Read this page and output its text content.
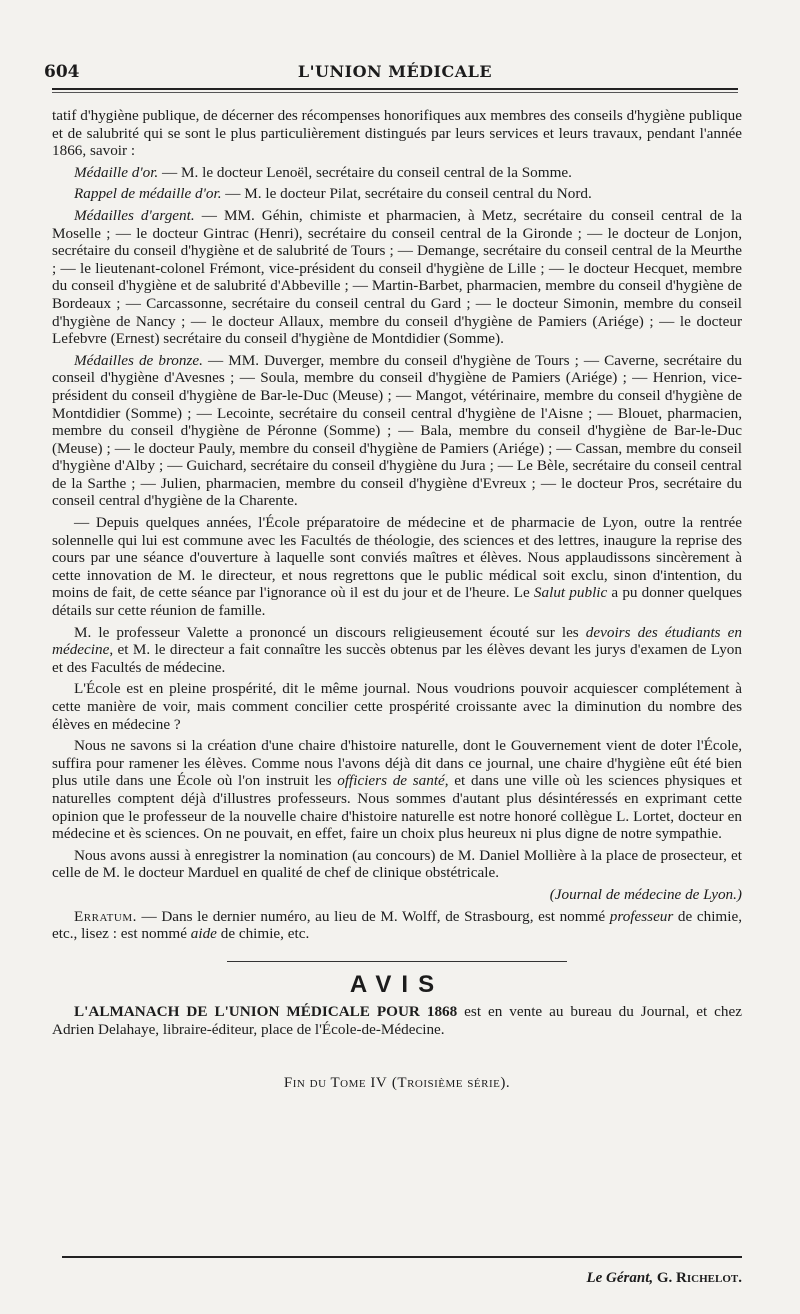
604	L'UNION MÉDICALE

tatif d'hygiène publique, de décerner des récompenses honorifiques aux membres des conseils d'hygiène publique et de salubrité qui se sont le plus particulièrement distingués par leurs services et leurs travaux, pendant l'année 1866, savoir :

Médaille d'or. — M. le docteur Lenoël, secrétaire du conseil central de la Somme.

Rappel de médaille d'or. — M. le docteur Pilat, secrétaire du conseil central du Nord.

Médailles d'argent. — MM. Géhin, chimiste et pharmacien, à Metz, secrétaire du conseil central de la Moselle ; — le docteur Gintrac (Henri), secrétaire du conseil central de la Gironde ; — le docteur de Lonjon, secrétaire du conseil d'hygiène et de salubrité de Tours ; — Demange, secrétaire du conseil central de la Meurthe ; — le lieutenant-colonel Frémont, vice-président du conseil d'hygiène de Lille ; — le docteur Hecquet, membre du conseil d'hygiène et de salubrité d'Abbeville ; — Martin-Barbet, pharmacien, membre du conseil d'hygiène de Bordeaux ; — Carcassonne, secrétaire du conseil central du Gard ; — le docteur Simonin, membre du conseil d'hygiène de Nancy ; — le docteur Allaux, membre du conseil d'hygiène de Pamiers (Ariége) ; — le docteur Lefebvre (Ernest) secrétaire du conseil d'hygiène de Montdidier (Somme).

Médailles de bronze. — MM. Duverger, membre du conseil d'hygiène de Tours ; — Caverne, secrétaire du conseil d'hygiène d'Avesnes ; — Soula, membre du conseil d'hygiène de Pamiers (Ariége) ; — Henrion, vice-président du conseil d'hygiène de Bar-le-Duc (Meuse) ; — Mangot, vétérinaire, membre du conseil d'hygiène de Montdidier (Somme) ; — Lecointe, secrétaire du conseil central d'hygiène de l'Aisne ; — Blouet, pharmacien, membre du conseil d'hygiène de Péronne (Somme) ; — Bala, membre du conseil d'hygiène de Bar-le-Duc (Meuse) ; — le docteur Pauly, membre du conseil d'hygiène de Pamiers (Ariége) ; — Cassan, membre du conseil d'hygiène d'Alby ; — Guichard, secrétaire du conseil d'hygiène du Jura ; — Le Bèle, secrétaire du conseil central de la Sarthe ; — Julien, pharmacien, membre du conseil d'hygiène d'Evreux ; — le docteur Pros, secrétaire du conseil central d'hygiène de la Charente.

— Depuis quelques années, l'École préparatoire de médecine et de pharmacie de Lyon, outre la rentrée solennelle qui lui est commune avec les Facultés de théologie, des sciences et des lettres, inaugure la reprise des cours par une séance d'ouverture à laquelle sont conviés maîtres et élèves. Nous applaudissons sincèrement à cette innovation de M. le directeur, et nous regrettons que le public médical soit exclu, sinon d'intention, du moins de fait, de cette séance par l'ignorance où il est du jour et de l'heure. Le Salut public a pu donner quelques détails sur cette réunion de famille.

M. le professeur Valette a prononcé un discours religieusement écouté sur les devoirs des étudiants en médecine, et M. le directeur a fait connaître les succès obtenus par les élèves devant les jurys d'examen de Lyon et des Facultés de médecine.

L'École est en pleine prospérité, dit le même journal. Nous voudrions pouvoir acquiescer complétement à cette manière de voir, mais comment concilier cette prospérité croissante avec la diminution du nombre des élèves en médecine ?

Nous ne savons si la création d'une chaire d'histoire naturelle, dont le Gouvernement vient de doter l'École, suffira pour ramener les élèves. Comme nous l'avons déjà dit dans ce journal, une chaire d'hygiène eût été bien plus utile dans une École où l'on instruit les officiers de santé, et dans une ville où les sciences physiques et naturelles comptent déjà d'illustres professeurs. Nous sommes d'autant plus désintéressés en exprimant cette opinion que le professeur de la nouvelle chaire d'histoire naturelle est notre honoré collègue L. Lortet, docteur en médecine et ès sciences. On ne pouvait, en effet, faire un choix plus heureux ni plus digne de notre sympathie.

Nous avons aussi à enregistrer la nomination (au concours) de M. Daniel Mollière à la place de prosecteur, et celle de M. le docteur Marduel en qualité de chef de clinique obstétricale.

(Journal de médecine de Lyon.)

Erratum. — Dans le dernier numéro, au lieu de M. Wolff, de Strasbourg, est nommé professeur de chimie, etc., lisez : est nommé aide de chimie, etc.

AVIS

L'ALMANACH DE L'UNION MÉDICALE POUR 1868 est en vente au bureau du Journal, et chez Adrien Delahaye, libraire-éditeur, place de l'École-de-Médecine.

Fin du Tome IV (Troisième série).
Le Gérant, G. Richelot.
